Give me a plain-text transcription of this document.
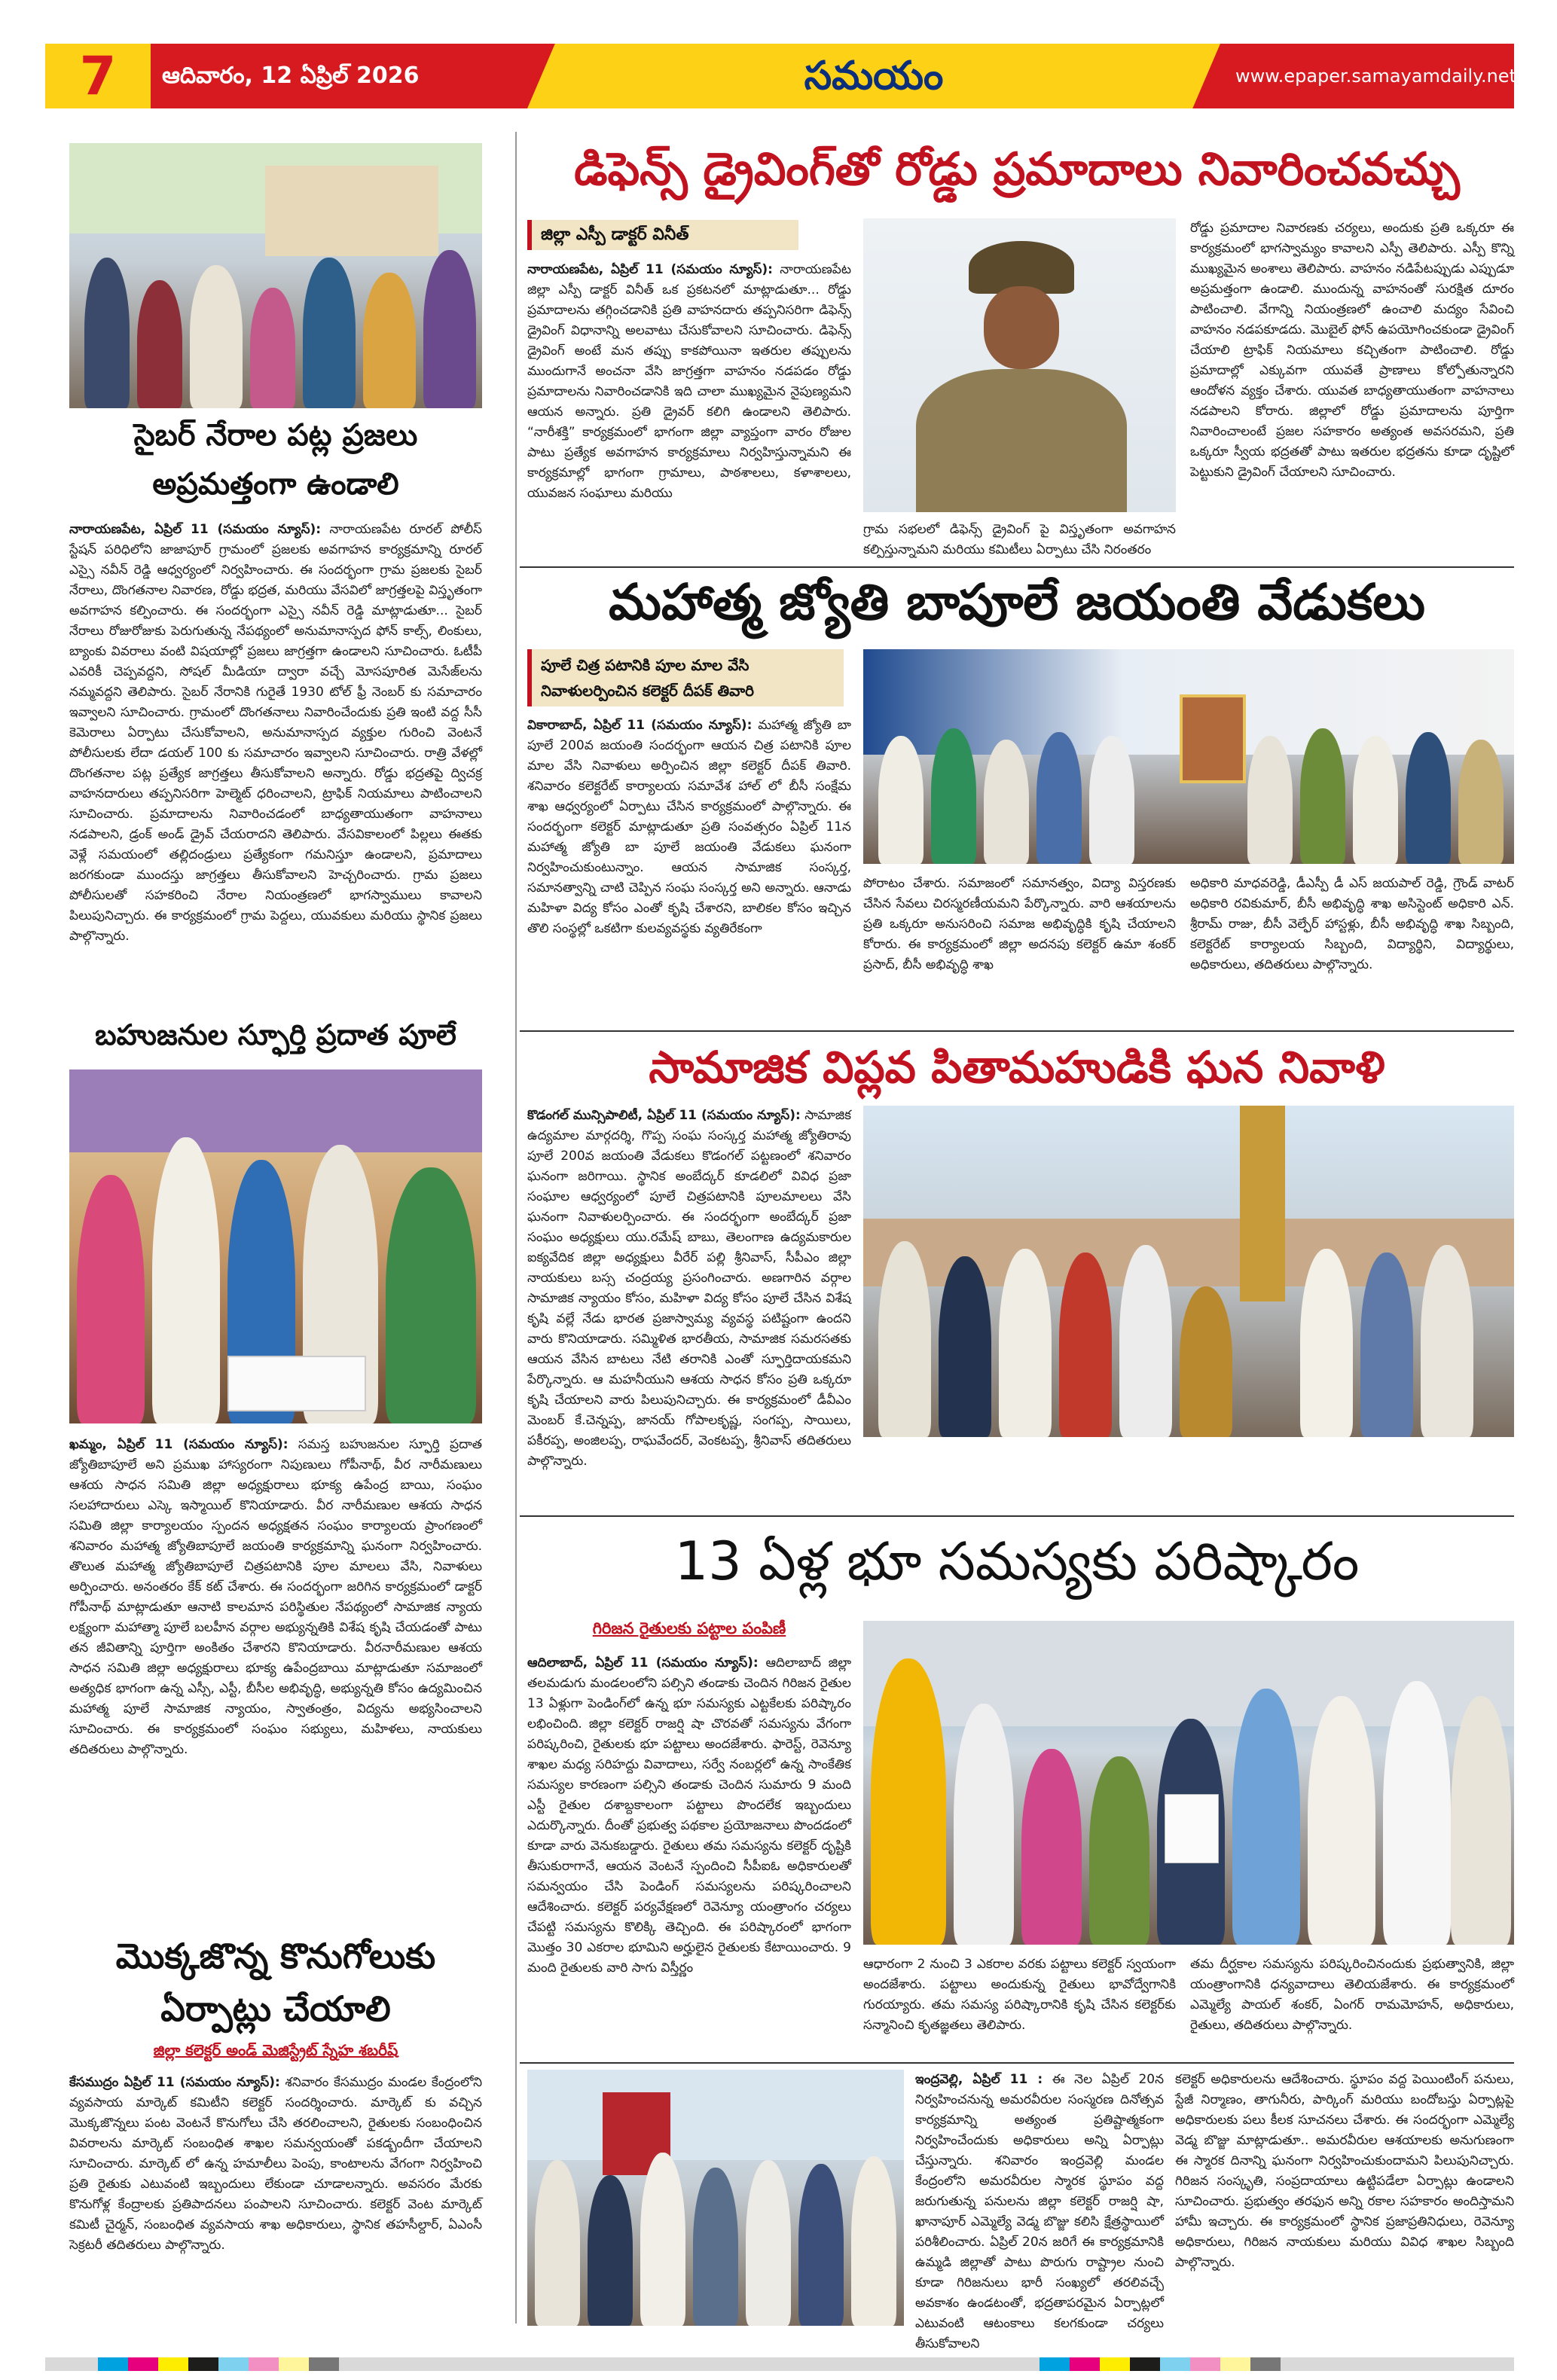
7	ఆదివారం, 12 ఏప్రిల్ 2026	సమయం	www.epaper.samayamdaily.net
సైబర్ నేరాల పట్ల ప్రజలు
అప్రమత్తంగా ఉండాలి
నారాయణపేట, ఏప్రిల్ 11 (సమయం న్యూస్): నారాయణపేట రూరల్ పోలీస్ స్టేషన్ పరిధిలోని జాజాపూర్ గ్రామంలో ప్రజలకు అవగాహన కార్యక్రమాన్ని రూరల్ ఎస్సై నవీన్ రెడ్డి ఆధ్వర్యంలో నిర్వహించారు. ఈ సందర్భంగా గ్రామ ప్రజలకు సైబర్ నేరాలు, దొంగతనాల నివారణ, రోడ్డు భద్రత, మరియు వేసవిలో జాగ్రత్తలపై విస్తృతంగా అవగాహన కల్పించారు. ఈ సందర్భంగా ఎస్సై నవీన్ రెడ్డి మాట్లాడుతూ... సైబర్ నేరాలు రోజురోజుకు పెరుగుతున్న నేపథ్యంలో అనుమానాస్పద ఫోన్ కాల్స్, లింకులు, బ్యాంకు వివరాలు వంటి విషయాల్లో ప్రజలు జాగ్రత్తగా ఉండాలని సూచించారు. ఓటీపీ ఎవరికీ చెప్పవద్దని, సోషల్ మీడియా ద్వారా వచ్చే మోసపూరిత మెసేజ్‌లను నమ్మవద్దని తెలిపారు. సైబర్ నేరానికి గురైతే 1930 టోల్ ఫ్రీ నెంబర్ కు సమాచారం ఇవ్వాలని సూచించారు. గ్రామంలో దొంగతనాలు నివారించేందుకు ప్రతి ఇంటి వద్ద సీసీ కెమెరాలు ఏర్పాటు చేసుకోవాలని, అనుమానాస్పద వ్యక్తుల గురించి వెంటనే పోలీసులకు లేదా డయల్ 100 కు సమాచారం ఇవ్వాలని సూచించారు. రాత్రి వేళల్లో దొంగతనాల పట్ల ప్రత్యేక జాగ్రత్తలు తీసుకోవాలని అన్నారు. రోడ్డు భద్రతపై ద్విచక్ర వాహనదారులు తప్పనిసరిగా హెల్మెట్ ధరించాలని, ట్రాఫిక్ నియమాలు పాటించాలని సూచించారు. ప్రమాదాలను నివారించడంలో బాధ్యతాయుతంగా వాహనాలు నడపాలని, డ్రంక్ అండ్ డ్రైవ్ చేయరాదని తెలిపారు. వేసవికాలంలో పిల్లలు ఈతకు వెళ్లే సమయంలో తల్లిదండ్రులు ప్రత్యేకంగా గమనిస్తూ ఉండాలని, ప్రమాదాలు జరగకుండా ముందస్తు జాగ్రత్తలు తీసుకోవాలని హెచ్చరించారు. గ్రామ ప్రజలు పోలీసులతో సహకరించి నేరాల నియంత్రణలో భాగస్వాములు కావాలని పిలుపునిచ్చారు. ఈ కార్యక్రమంలో గ్రామ పెద్దలు, యువకులు మరియు స్థానిక ప్రజలు పాల్గొన్నారు.
బహుజనుల స్ఫూర్తి ప్రదాత పూలే
ఖమ్మం, ఏప్రిల్ 11 (సమయం న్యూస్): సమస్త బహుజనుల స్ఫూర్తి ప్రదాత జ్యోతిబాపూలే అని ప్రముఖ హాస్యరంగా నిపుణులు గోపీనాథ్, వీర నారీమణులు ఆశయ సాధన సమితి జిల్లా అధ్యక్షురాలు భూక్య ఉపేంద్ర బాయి, సంఘం సలహాదారులు ఎస్కె ఇస్మాయిల్ కొనియాడారు. వీర నారీమణుల ఆశయ సాధన సమితి జిల్లా కార్యాలయం స్పందన అధ్యక్షతన సంఘం కార్యాలయ ప్రాంగణంలో శనివారం మహాత్మ జ్యోతిబాపూలే జయంతి కార్యక్రమాన్ని ఘనంగా నిర్వహించారు. తొలుత మహాత్మ జ్యోతిబాపూలే చిత్రపటానికి పూల మాలలు వేసి, నివాళులు అర్పించారు. అనంతరం కేక్ కట్ చేశారు. ఈ సందర్భంగా జరిగిన కార్యక్రమంలో డాక్టర్ గోపీనాథ్ మాట్లాడుతూ ఆనాటి కాలమాన పరిస్థితుల నేపథ్యంలో సామాజిక న్యాయ లక్ష్యంగా మహాత్మా పూలే బలహీన వర్గాల అభ్యున్నతికి విశేష కృషి చేయడంతో పాటు తన జీవితాన్ని పూర్తిగా అంకితం చేశారని కొనియాడారు. వీరనారీమణుల ఆశయ సాధన సమితి జిల్లా అధ్యక్షురాలు భూక్య ఉపేంద్రబాయి మాట్లాడుతూ సమాజంలో అత్యధిక భాగంగా ఉన్న ఎస్సీ, ఎస్టీ, బీసీల అభివృద్ధి, అభ్యున్నతి కోసం ఉద్యమించిన మహాత్మ పూలే సామాజిక న్యాయం, స్వాతంత్రం, విద్యను అభ్యసించాలని సూచించారు. ఈ కార్యక్రమంలో సంఘం సభ్యులు, మహిళలు, నాయకులు తదితరులు పాల్గొన్నారు.
మొక్కజొన్న కొనుగోలుకు
ఏర్పాట్లు చేయాలి
జిల్లా కలెక్టర్ అండ్ మెజిస్ట్రేట్ స్నేహ శబరీష్
కేసముద్రం ఏప్రిల్ 11 (సమయం న్యూస్): శనివారం కేసముద్రం మండల కేంద్రంలోని వ్యవసాయ మార్కెట్ కమిటీని కలెక్టర్ సందర్శించారు. మార్కెట్ కు వచ్చిన మొక్కజొన్నలు పంట వెంటనే కొనుగోలు చేసి తరలించాలని, రైతులకు సంబంధించిన వివరాలను మార్కెట్ సంబంధిత శాఖల సమన్వయంతో పకడ్బందీగా చేయాలని సూచించారు. మార్కెట్ లో ఉన్న హమాలీలు పెంపు, కాంటాలను వేగంగా నిర్వహించి ప్రతి రైతుకు ఎటువంటి ఇబ్బందులు లేకుండా చూడాలన్నారు. అవసరం మేరకు కొనుగోళ్ల కేంద్రాలకు ప్రతిపాదనలు పంపాలని సూచించారు. కలెక్టర్ వెంట మార్కెట్ కమిటీ చైర్మన్, సంబంధిత వ్యవసాయ శాఖ అధికారులు, స్థానిక తహసీల్దార్, ఏఎంసీ సెక్రటరీ తదితరులు పాల్గొన్నారు.
డిఫెన్స్ డ్రైవింగ్‌తో రోడ్డు ప్రమాదాలు నివారించవచ్చు
జిల్లా ఎస్పీ డాక్టర్ వినీత్
నారాయణపేట, ఏప్రిల్ 11 (సమయం న్యూస్): నారాయణపేట జిల్లా ఎస్పీ డాక్టర్ వినీత్ ఒక ప్రకటనలో మాట్లాడుతూ... రోడ్డు ప్రమాదాలను తగ్గించడానికి ప్రతి వాహనదారు తప్పనిసరిగా డిఫెన్స్ డ్రైవింగ్ విధానాన్ని అలవాటు చేసుకోవాలని సూచించారు. డిఫెన్స్ డ్రైవింగ్ అంటే మన తప్పు కాకపోయినా ఇతరుల తప్పులను ముందుగానే అంచనా వేసి జాగ్రత్తగా వాహనం నడపడం రోడ్డు ప్రమాదాలను నివారించడానికి ఇది చాలా ముఖ్యమైన నైపుణ్యమని ఆయన అన్నారు. ప్రతి డ్రైవర్ కలిగి ఉండాలని తెలిపారు. “నారీశక్తి” కార్యక్రమంలో భాగంగా జిల్లా వ్యాప్తంగా వారం రోజుల పాటు ప్రత్యేక అవగాహన కార్యక్రమాలు నిర్వహిస్తున్నామని ఈ కార్యక్రమాల్లో భాగంగా గ్రామాలు, పాఠశాలలు, కళాశాలలు, యువజన సంఘాలు మరియు
గ్రామ సభలలో డిఫెన్స్ డ్రైవింగ్ పై విస్తృతంగా అవగాహన కల్పిస్తున్నామని మరియు కమిటీలు ఏర్పాటు చేసి నిరంతరం
రోడ్డు ప్రమాదాల నివారణకు చర్యలు, అందుకు ప్రతి ఒక్కరూ ఈ కార్యక్రమంలో భాగస్వామ్యం కావాలని ఎస్పీ తెలిపారు. ఎస్పీ కొన్ని ముఖ్యమైన అంశాలు తెలిపారు. వాహనం నడిపేటప్పుడు ఎప్పుడూ అప్రమత్తంగా ఉండాలి. ముందున్న వాహనంతో సురక్షిత దూరం పాటించాలి. వేగాన్ని నియంత్రణలో ఉంచాలి మద్యం సేవించి వాహనం నడపకూడదు. మొబైల్ ఫోన్ ఉపయోగించకుండా డ్రైవింగ్ చేయాలి ట్రాఫిక్ నియమాలు కచ్చితంగా పాటించాలి. రోడ్డు ప్రమాదాల్లో ఎక్కువగా యువతే ప్రాణాలు కోల్పోతున్నారని ఆందోళన వ్యక్తం చేశారు. యువత బాధ్యతాయుతంగా వాహనాలు నడపాలని కోరారు. జిల్లాలో రోడ్డు ప్రమాదాలను పూర్తిగా నివారించాలంటే ప్రజల సహకారం అత్యంత అవసరమని, ప్రతి ఒక్కరూ స్వీయ భద్రతతో పాటు ఇతరుల భద్రతను కూడా దృష్టిలో పెట్టుకుని డ్రైవింగ్ చేయాలని సూచించారు.
మహాత్మ జ్యోతి బాపూలే జయంతి వేడుకలు
పూలే చిత్ర పటానికి పూల మాల వేసి
నివాళులర్పించిన కలెక్టర్ దీపక్ తివారి
వికారాబాద్, ఏప్రిల్ 11 (సమయం న్యూస్): మహాత్మ జ్యోతి బా పూలే 200వ జయంతి సందర్భంగా ఆయన చిత్ర పటానికి పూల మాల వేసి నివాళులు అర్పించిన జిల్లా కలెక్టర్ దీపక్ తివారి. శనివారం కలెక్టరేట్ కార్యాలయ సమావేశ హాల్ లో బీసీ సంక్షేమ శాఖ ఆధ్వర్యంలో ఏర్పాటు చేసిన కార్యక్రమంలో పాల్గొన్నారు. ఈ సందర్భంగా కలెక్టర్ మాట్లాడుతూ ప్రతి సంవత్సరం ఏప్రిల్ 11న మహాత్మ జ్యోతి బా పూలే జయంతి వేడుకలు ఘనంగా నిర్వహించుకుంటున్నాం. ఆయన సామాజిక సంస్కర్త, సమానత్వాన్ని చాటి చెప్పిన సంఘ సంస్కర్త అని అన్నారు. ఆనాడు మహిళా విద్య కోసం ఎంతో కృషి చేశారని, బాలికల కోసం ఇచ్చిన తొలి సంస్థల్లో ఒకటిగా కులవ్యవస్థకు వ్యతిరేకంగా
పోరాటం చేశారు. సమాజంలో సమానత్వం, విద్యా విస్తరణకు చేసిన సేవలు చిరస్మరణీయమని పేర్కొన్నారు. వారి ఆశయాలను ప్రతి ఒక్కరూ అనుసరించి సమాజ అభివృద్ధికి కృషి చేయాలని కోరారు. ఈ కార్యక్రమంలో జిల్లా అదనపు కలెక్టర్ ఉమా శంకర్ ప్రసాద్, బీసీ అభివృద్ధి శాఖ
అధికారి మాధవరెడ్డి, డీఎస్పీ డీ ఎస్ జయపాల్ రెడ్డి, గ్రౌండ్ వాటర్ అధికారి రవికుమార్, బీసీ అభివృద్ధి శాఖ అసిస్టెంట్ అధికారి ఎన్. శ్రీరామ్ రాజు, బీసీ వెల్ఫేర్ హాస్టళ్లు, బీసీ అభివృద్ధి శాఖ సిబ్బంది, కలెక్టరేట్ కార్యాలయ సిబ్బంది, విద్యార్థిని, విద్యార్థులు, అధికారులు, తదితరులు పాల్గొన్నారు.
సామాజిక విప్లవ పితామహుడికి ఘన నివాళి
కొడంగల్ మున్సిపాలిటీ, ఏప్రిల్ 11 (సమయం న్యూస్): సామాజిక ఉద్యమాల మార్గదర్శి, గొప్ప సంఘ సంస్కర్త మహాత్మ జ్యోతిరావు పూలే 200వ జయంతి వేడుకలు కొడంగల్ పట్టణంలో శనివారం ఘనంగా జరిగాయి. స్థానిక అంబేద్కర్ కూడలిలో వివిధ ప్రజా సంఘాల ఆధ్వర్యంలో పూలే చిత్రపటానికి పూలమాలలు వేసి ఘనంగా నివాళులర్పించారు. ఈ సందర్భంగా అంబేద్కర్ ప్రజా సంఘం అధ్యక్షులు యు.రమేష్ బాబు, తెలంగాణ ఉద్యమకారుల ఐక్యవేదిక జిల్లా అధ్యక్షులు వీరేర్ పల్లి శ్రీనివాస్, సీపీఎం జిల్లా నాయకులు బస్స చంద్రయ్య ప్రసంగించారు. అణగారిన వర్గాల సామాజిక న్యాయం కోసం, మహిళా విద్య కోసం పూలే చేసిన విశేష కృషి వల్లే నేడు భారత ప్రజాస్వామ్య వ్యవస్థ పటిష్టంగా ఉందని వారు కొనియాడారు. సమ్మిళిత భారతీయ, సామాజిక సమరసతకు ఆయన వేసిన బాటలు నేటి తరానికి ఎంతో స్ఫూర్తిదాయకమని పేర్కొన్నారు. ఆ మహనీయుని ఆశయ సాధన కోసం ప్రతి ఒక్కరూ కృషి చేయాలని వారు పిలుపునిచ్చారు. ఈ కార్యక్రమంలో డీవీఎం మెంబర్ కే.చెన్నప్ప, జానయ్ గోపాలకృష్ణ, సంగప్ప, సాయిలు, పకీరప్ప, అంజిలప్ప, రాఘవేందర్, వెంకటప్ప, శ్రీనివాస్ తదితరులు పాల్గొన్నారు.
13 ఏళ్ల భూ సమస్యకు పరిష్కారం
గిరిజన రైతులకు పట్టాల పంపిణీ
ఆదిలాబాద్, ఏప్రిల్ 11 (సమయం న్యూస్): ఆదిలాబాద్ జిల్లా తలమడుగు మండలంలోని పల్సిని తండాకు చెందిన గిరిజన రైతుల 13 ఏళ్లుగా పెండింగ్‌లో ఉన్న భూ సమస్యకు ఎట్టకేలకు పరిష్కారం లభించింది. జిల్లా కలెక్టర్ రాజర్షి షా చొరవతో సమస్యను వేగంగా పరిష్కరించి, రైతులకు భూ పట్టాలు అందజేశారు. ఫారెస్ట్, రెవెన్యూ శాఖల మధ్య సరిహద్దు వివాదాలు, సర్వే నంబర్లలో ఉన్న సాంకేతిక సమస్యల కారణంగా పల్సిని తండాకు చెందిన సుమారు 9 మంది ఎస్టీ రైతుల దశాబ్దకాలంగా పట్టాలు పొందలేక ఇబ్బందులు ఎదుర్కొన్నారు. దీంతో ప్రభుత్వ పథకాల ప్రయోజనాలు పొందడంలో కూడా వారు వెనుకబడ్డారు. రైతులు తమ సమస్యను కలెక్టర్ దృష్టికి తీసుకురాగానే, ఆయన వెంటనే స్పందించి సీపీఐఓ అధికారులతో సమన్వయం చేసి పెండింగ్ సమస్యలను పరిష్కరించాలని ఆదేశించారు. కలెక్టర్ పర్యవేక్షణలో రెవెన్యూ యంత్రాంగం చర్యలు చేపట్టి సమస్యను కొలిక్కి తెచ్చింది. ఈ పరిష్కారంలో భాగంగా మొత్తం 30 ఎకరాల భూమిని అర్హులైన రైతులకు కేటాయించారు. 9 మంది రైతులకు వారి సాగు విస్తీర్ణం	ఆధారంగా 2 నుంచి 3 ఎకరాల వరకు పట్టాలు కలెక్టర్ స్వయంగా అందజేశారు. పట్టాలు అందుకున్న రైతులు భావోద్వేగానికి గురయ్యారు. తమ సమస్య పరిష్కారానికి కృషి చేసిన కలెక్టర్‌కు సన్మానించి కృతజ్ఞతలు తెలిపారు.
తమ దీర్ఘకాల సమస్యను పరిష్కరించినందుకు ప్రభుత్వానికి, జిల్లా యంత్రాంగానికి ధన్యవాదాలు తెలియజేశారు. ఈ కార్యక్రమంలో ఎమ్మెల్యే పాయల్ శంకర్, ఏంగర్ రామమోహన్, అధికారులు, రైతులు, తదితరులు పాల్గొన్నారు.
ఇంద్రవెల్లి, ఏప్రిల్ 11 : ఈ నెల ఏప్రిల్ 20న నిర్వహించనున్న అమరవీరుల సంస్మరణ దినోత్సవ కార్యక్రమాన్ని అత్యంత ప్రతిష్టాత్మకంగా నిర్వహించేందుకు అధికారులు అన్ని ఏర్పాట్లు చేస్తున్నారు. శనివారం ఇంద్రవెల్లి మండల కేంద్రంలోని అమరవీరుల స్మారక స్థూపం వద్ద జరుగుతున్న పనులను జిల్లా కలెక్టర్ రాజర్షి షా, ఖానాపూర్ ఎమ్మెల్యే వెడ్మ బొజ్జు కలిసి క్షేత్రస్థాయిలో పరిశీలించారు. ఏప్రిల్ 20న జరిగే ఈ కార్యక్రమానికి ఉమ్మడి జిల్లాతో పాటు పొరుగు రాష్ట్రాల నుంచి కూడా గిరిజనులు భారీ సంఖ్యలో తరలివచ్చే అవకాశం ఉండటంతో, భద్రతాపరమైన ఏర్పాట్లలో ఎటువంటి ఆటంకాలు కలగకుండా చర్యలు తీసుకోవాలని
కలెక్టర్ అధికారులను ఆదేశించారు. స్థూపం వద్ద పెయింటింగ్ పనులు, స్టేజీ నిర్మాణం, తాగునీరు, పార్కింగ్ మరియు బందోబస్తు ఏర్పాట్లపై అధికారులకు పలు కీలక సూచనలు చేశారు. ఈ సందర్భంగా ఎమ్మెల్యే వెడ్మ బొజ్జు మాట్లాడుతూ.. అమరవీరుల ఆశయాలకు అనుగుణంగా ఈ స్మారక దినాన్ని ఘనంగా నిర్వహించుకుందామని పిలుపునిచ్చారు. గిరిజన సంస్కృతి, సంప్రదాయాలు ఉట్టిపడేలా ఏర్పాట్లు ఉండాలని సూచించారు. ప్రభుత్వం తరఫున అన్ని రకాల సహకారం అందిస్తామని హామీ ఇచ్చారు. ఈ కార్యక్రమంలో స్థానిక ప్రజాప్రతినిధులు, రెవెన్యూ అధికారులు, గిరిజన నాయకులు మరియు వివిధ శాఖల సిబ్బంది పాల్గొన్నారు.
